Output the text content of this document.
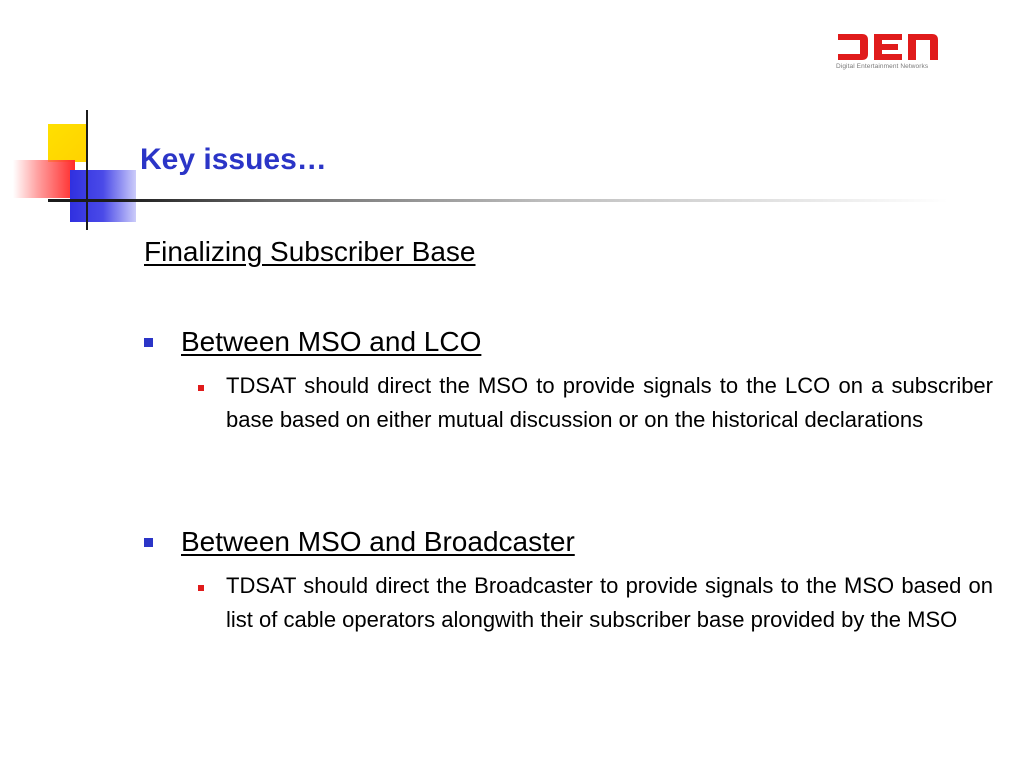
Digital Entertainment Networks
Key issues…
Finalizing Subscriber Base
Between MSO and LCO
TDSAT should direct the MSO to provide signals to the LCO on a subscriber base based on either mutual discussion or on the historical declarations
Between MSO and Broadcaster
TDSAT should direct the Broadcaster to provide signals to the MSO based on list of cable operators alongwith their subscriber base provided by the MSO
